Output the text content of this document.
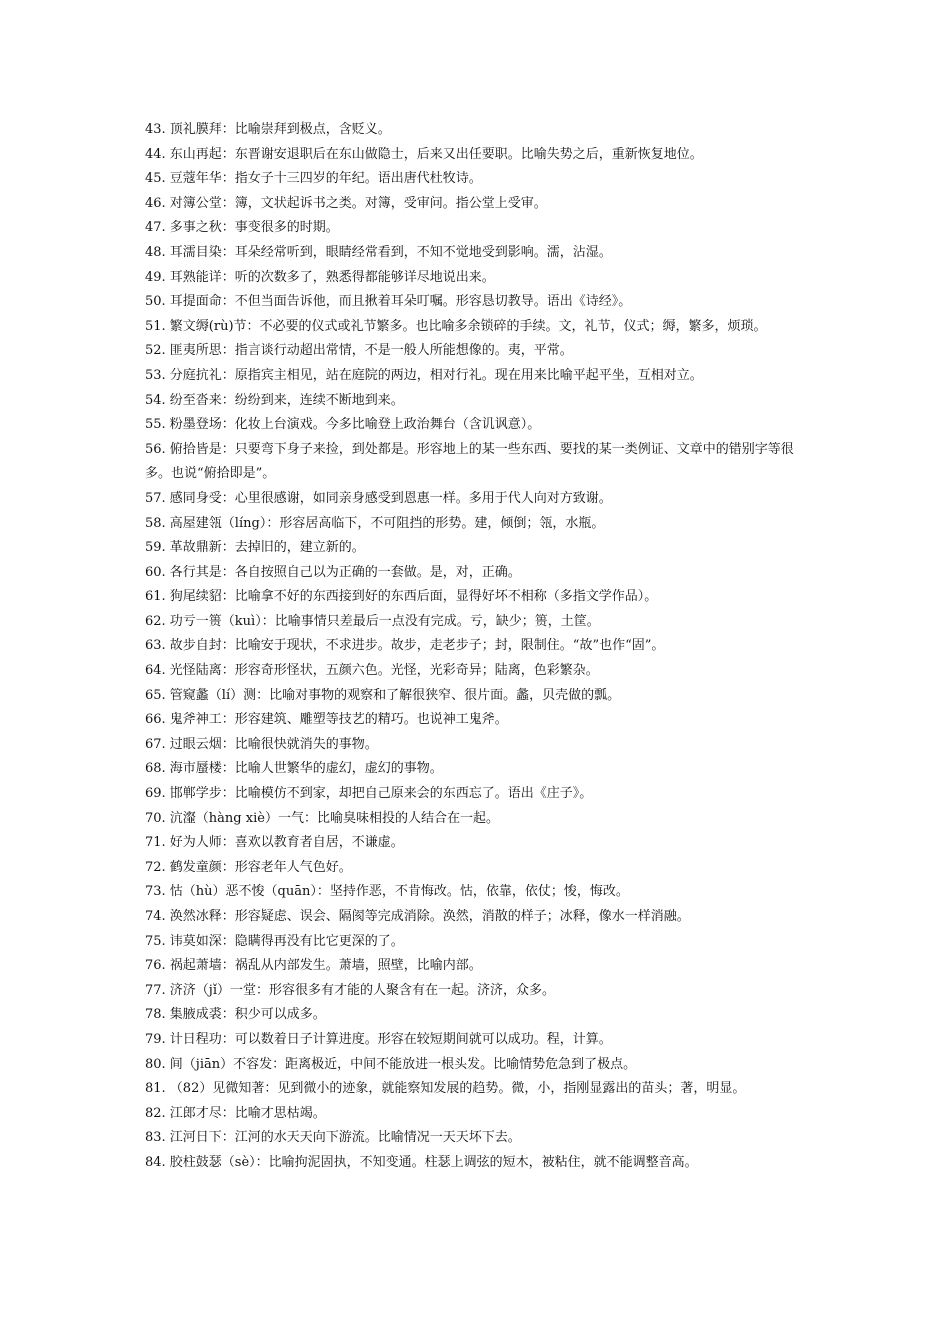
43. 顶礼膜拜：比喻崇拜到极点，含贬义。

44. 东山再起：东晋谢安退职后在东山做隐士，后来又出任要职。比喻失势之后，重新恢复地位。

45. 豆蔻年华：指女子十三四岁的年纪。语出唐代杜牧诗。

46. 对簿公堂：簿，文状起诉书之类。对簿，受审问。指公堂上受审。

47. 多事之秋：事变很多的时期。

48. 耳濡目染：耳朵经常听到，眼睛经常看到，不知不觉地受到影响。濡，沾湿。

49. 耳熟能详：听的次数多了，熟悉得都能够详尽地说出来。

50. 耳提面命：不但当面告诉他，而且揪着耳朵叮嘱。形容恳切教导。语出《诗经》。

51. 繁文缛(rù)节：不必要的仪式或礼节繁多。也比喻多余锁碎的手续。文，礼节，仪式；缛，繁多，烦琐。

52. 匪夷所思：指言谈行动超出常情，不是一般人所能想像的。夷，平常。

53. 分庭抗礼：原指宾主相见，站在庭院的两边，相对行礼。现在用来比喻平起平坐，互相对立。

54. 纷至沓来：纷纷到来，连续不断地到来。

55. 粉墨登场：化妆上台演戏。今多比喻登上政治舞台（含讥讽意）。

56. 俯拾皆是：只要弯下身子来捡，到处都是。形容地上的某一些东西、要找的某一类例证、文章中的错别字等很多。也说“俯拾即是”。

57. 感同身受：心里很感谢，如同亲身感受到恩惠一样。多用于代人向对方致谢。

58. 高屋建瓴（líng）：形容居高临下，不可阻挡的形势。建，倾倒；瓴，水瓶。

59. 革故鼎新：去掉旧的，建立新的。

60. 各行其是：各自按照自己以为正确的一套做。是，对，正确。

61. 狗尾续貂：比喻拿不好的东西接到好的东西后面，显得好坏不相称（多指文学作品）。

62. 功亏一篑（kuì）：比喻事情只差最后一点没有完成。亏，缺少；篑，土筐。

63. 故步自封：比喻安于现状，不求进步。故步，走老步子；封，限制住。“故”也作“固”。

64. 光怪陆离：形容奇形怪状，五颜六色。光怪，光彩奇异；陆离，色彩繁杂。

65. 管窥蠡（lí）测：比喻对事物的观察和了解很狭窄、很片面。蠡，贝壳做的瓢。

66. 鬼斧神工：形容建筑、雕塑等技艺的精巧。也说神工鬼斧。

67. 过眼云烟：比喻很快就消失的事物。

68. 海市蜃楼：比喻人世繁华的虚幻，虚幻的事物。

69. 邯郸学步：比喻模仿不到家，却把自己原来会的东西忘了。语出《庄子》。

70. 沆瀣（hàng xiè）一气：比喻臭味相投的人结合在一起。

71. 好为人师：喜欢以教育者自居，不谦虚。

72. 鹤发童颜：形容老年人气色好。

73. 怙（hù）恶不悛（quān）：坚持作恶，不肯悔改。怙，依靠，依仗；悛，悔改。

74. 涣然冰释：形容疑虑、误会、隔阂等完成消除。涣然，消散的样子；冰释，像水一样消融。

75. 讳莫如深：隐瞒得再没有比它更深的了。

76. 祸起萧墙：祸乱从内部发生。萧墙，照壁，比喻内部。

77. 济济（jǐ）一堂：形容很多有才能的人聚含有在一起。济济，众多。

78. 集腋成裘：积少可以成多。

79. 计日程功：可以数着日子计算进度。形容在较短期间就可以成功。程，计算。

80. 间（jiān）不容发：距离极近，中间不能放进一根头发。比喻情势危急到了极点。

81. （82）见微知著：见到微小的迹象，就能察知发展的趋势。微，小，指刚显露出的苗头；著，明显。

82. 江郎才尽：比喻才思枯竭。

83. 江河日下：江河的水天天向下游流。比喻情况一天天坏下去。

84. 胶柱鼓瑟（sè）：比喻拘泥固执，不知变通。柱瑟上调弦的短木，被粘住，就不能调整音高。
